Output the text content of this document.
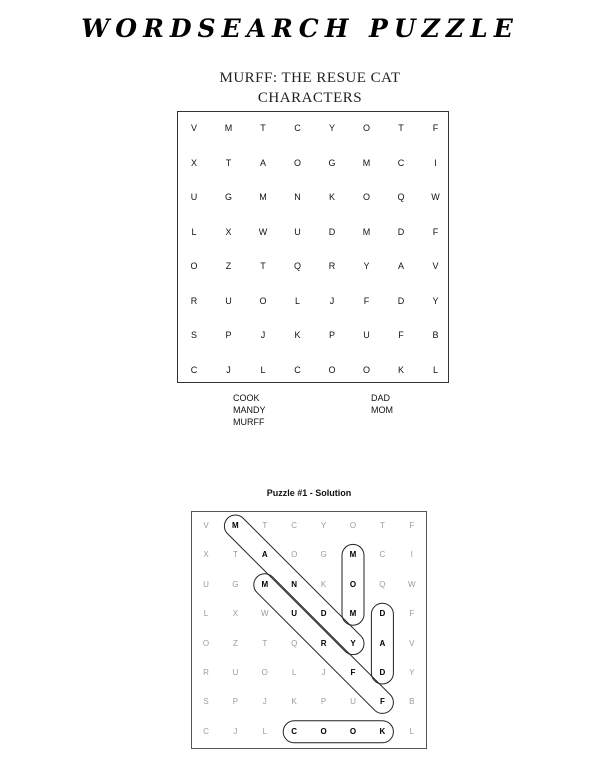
WORDSEARCH PUZZLE
MURFF: THE RESUE CAT
CHARACTERS
V	M	T	C	Y	O	T	F
X	T	A	O	G	M	C	I
U	G	M	N	K	O	Q	W
L	X	W	U	D	M	D	F
O	Z	T	Q	R	Y	A	V
R	U	O	L	J	F	D	Y
S	P	J	K	P	U	F	B
C	J	L	C	O	O	K	L
COOK
MANDY
MURFF
DAD
MOM
Puzzle #1 - Solution
V	M	T	C	Y	O	T	F
X	T	A	O	G	M	C	I
U	G	M	N	K	O	Q	W
L	X	W	U	D	M	D	F
O	Z	T	Q	R	Y	A	V
R	U	O	L	J	F	D	Y
S	P	J	K	P	U	F	B
C	J	L	C	O	O	K	L
